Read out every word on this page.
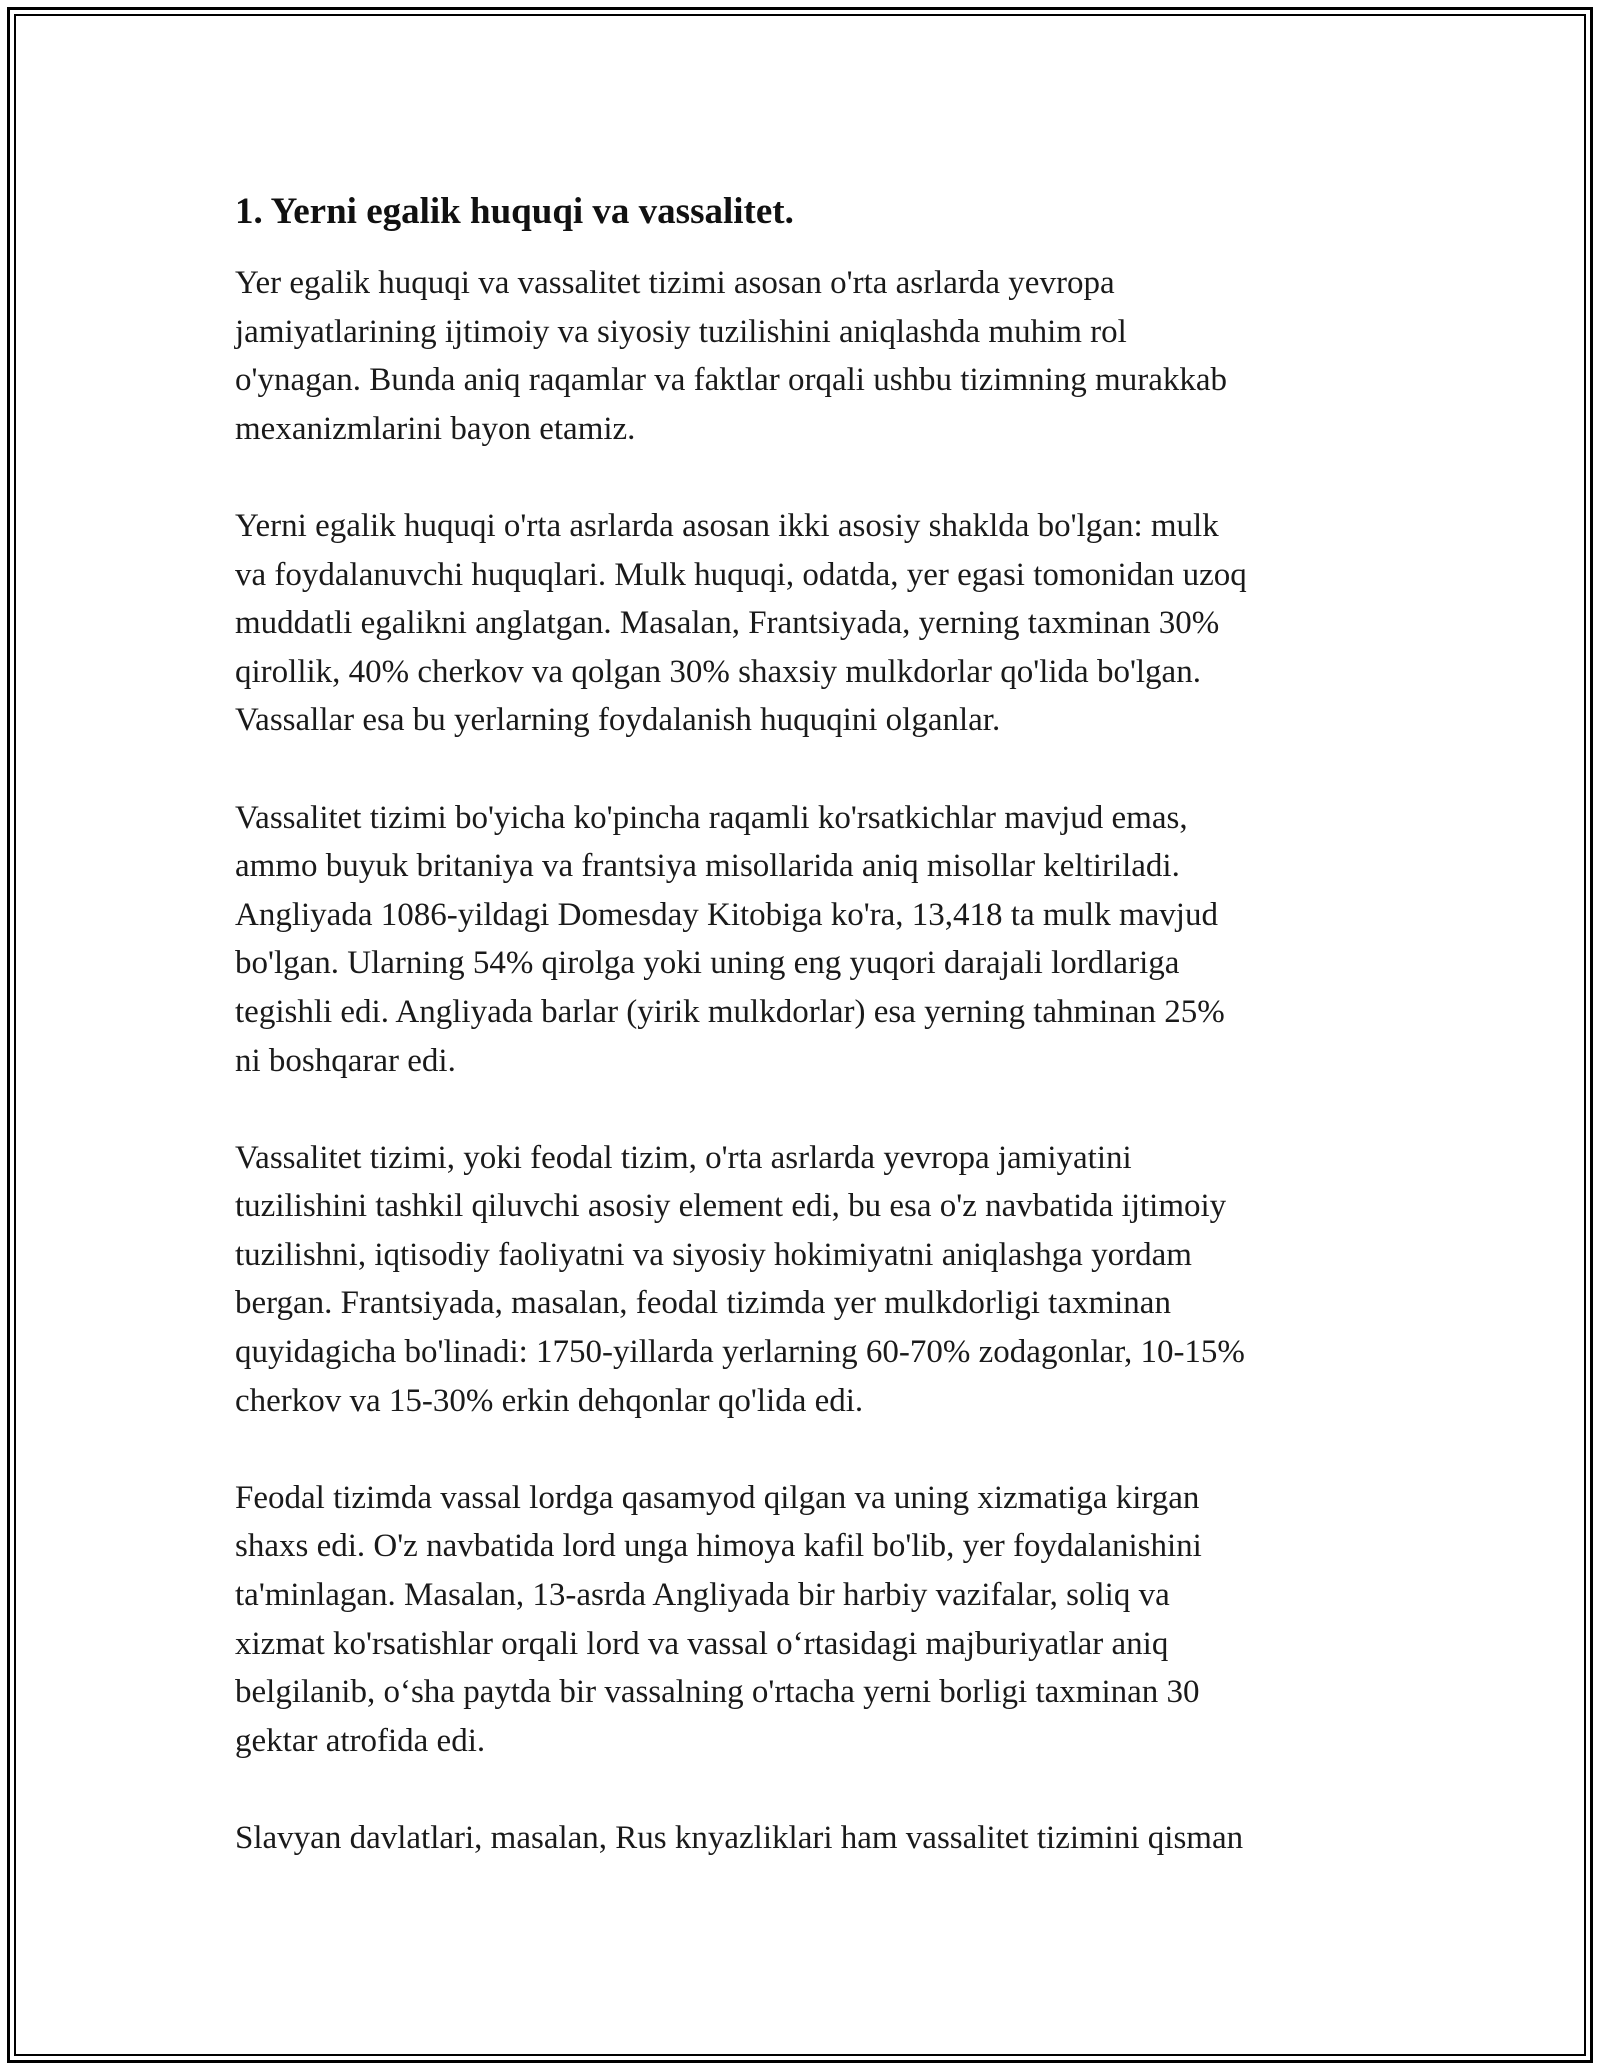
1. Yerni egalik huquqi va vassalitet.

Yer egalik huquqi va vassalitet tizimi asosan o'rta asrlarda yevropa
jamiyatlarining ijtimoiy va siyosiy tuzilishini aniqlashda muhim rol
o'ynagan. Bunda aniq raqamlar va faktlar orqali ushbu tizimning murakkab
mexanizmlarini bayon etamiz.

Yerni egalik huquqi o'rta asrlarda asosan ikki asosiy shaklda bo'lgan: mulk
va foydalanuvchi huquqlari. Mulk huquqi, odatda, yer egasi tomonidan uzoq
muddatli egalikni anglatgan. Masalan, Frantsiyada, yerning taxminan 30%
qirollik, 40% cherkov va qolgan 30% shaxsiy mulkdorlar qo'lida bo'lgan.
Vassallar esa bu yerlarning foydalanish huquqini olganlar.

Vassalitet tizimi bo'yicha ko'pincha raqamli ko'rsatkichlar mavjud emas,
ammo buyuk britaniya va frantsiya misollarida aniq misollar keltiriladi.
Angliyada 1086-yildagi Domesday Kitobiga ko'ra, 13,418 ta mulk mavjud
bo'lgan. Ularning 54% qirolga yoki uning eng yuqori darajali lordlariga
tegishli edi. Angliyada barlar (yirik mulkdorlar) esa yerning tahminan 25%
ni boshqarar edi.

Vassalitet tizimi, yoki feodal tizim, o'rta asrlarda yevropa jamiyatini
tuzilishini tashkil qiluvchi asosiy element edi, bu esa o'z navbatida ijtimoiy
tuzilishni, iqtisodiy faoliyatni va siyosiy hokimiyatni aniqlashga yordam
bergan. Frantsiyada, masalan, feodal tizimda yer mulkdorligi taxminan
quyidagicha bo'linadi: 1750-yillarda yerlarning 60-70% zodagonlar, 10-15%
cherkov va 15-30% erkin dehqonlar qo'lida edi.

Feodal tizimda vassal lordga qasamyod qilgan va uning xizmatiga kirgan
shaxs edi. O'z navbatida lord unga himoya kafil bo'lib, yer foydalanishini
ta'minlagan. Masalan, 13-asrda Angliyada bir harbiy vazifalar, soliq va
xizmat ko'rsatishlar orqali lord va vassal o‘rtasidagi majburiyatlar aniq
belgilanib, o‘sha paytda bir vassalning o'rtacha yerni borligi taxminan 30
gektar atrofida edi.

Slavyan davlatlari, masalan, Rus knyazliklari ham vassalitet tizimini qisman
